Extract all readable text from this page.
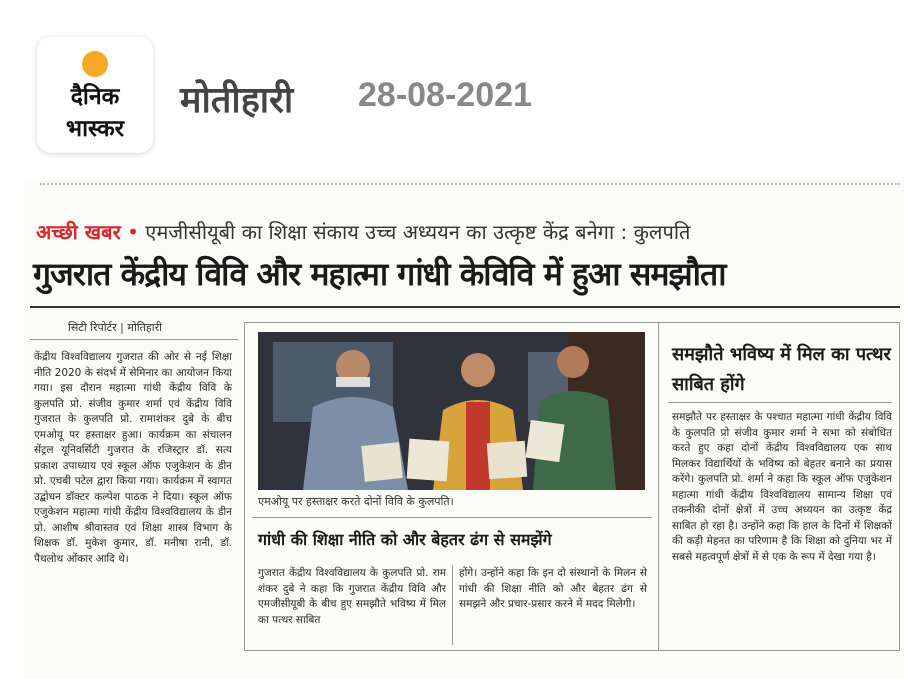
दैनिक
भास्कर
मोतीहारी 28-08-2021
अच्छी खबर • एमजीसीयूबी का शिक्षा संकाय उच्च अध्ययन का उत्कृष्ट केंद्र बनेगा : कुलपति
गुजरात केंद्रीय विवि और महात्मा गांधी केविवि में हुआ समझौता
सिटी रिपोर्टर | मोतिहारी
केंद्रीय विश्वविद्यालय गुजरात की ओर से नई शिक्षा नीति 2020 के संदर्भ में सेमिनार का आयोजन किया गया। इस दौरान महात्मा गांधी केंद्रीय विवि के कुलपति प्रो. संजीव कुमार शर्मा एवं केंद्रीय विवि गुजरात के कुलपति प्रो. रामाशंकर दुबे के बीच एमओयू पर हस्ताक्षर हुआ। कार्यक्रम का संचालन सेंट्रल यूनिवर्सिटी गुजरात के रजिस्ट्रार डॉ. सत्य प्रकाश उपाध्याय एवं स्कूल ऑफ एजुकेशन के डीन प्रो. एचबी पटेल द्वारा किया गया। कार्यक्रम में स्वागत उद्बोधन डॉक्टर कल्पेश पाठक ने दिया। स्कूल ऑफ एजुकेशन महात्मा गांधी केंद्रीय विश्वविद्यालय के डीन प्रो. आशीष श्रीवास्तव एवं शिक्षा शास्त्र विभाग के शिक्षक डॉ. मुकेश कुमार, डॉ. मनीषा रानी, डॉ. पैथलोथ ओंकार आदि थे।
एमओयू पर हस्ताक्षर करते दोनों विवि के कुलपति।
गांधी की शिक्षा नीति को और बेहतर ढंग से समझेंगे
गुजरात केंद्रीय विश्वविद्यालय के कुलपति प्रो. राम शंकर दुबे ने कहा कि गुजरात केंद्रीय विवि और एमजीसीयूबी के बीच हुए समझौते भविष्य में मिल का पत्थर साबित
होंगे। उन्होंने कहा कि इन दो संस्थानों के मिलन से गांधी की शिक्षा नीति को और बेहतर ढंग से समझने और प्रचार-प्रसार करने में मदद मिलेगी।
समझौते भविष्य में मिल का पत्थर साबित होंगे
समझौते पर हस्ताक्षर के पश्चात महात्मा गांधी केंद्रीय विवि के कुलपति प्रो संजीव कुमार शर्मा ने सभा को संबोधित करते हुए कहा दोनों केंद्रीय विश्वविद्यालय एक साथ मिलकर विद्यार्थियों के भविष्य को बेहतर बनाने का प्रयास करेंगे। कुलपति प्रो. शर्मा ने कहा कि स्कूल ऑफ एजुकेशन महात्मा गांधी केंद्रीय विश्वविद्यालय सामान्य शिक्षा एवं तकनीकी दोनों क्षेत्रों में उच्च अध्ययन का उत्कृष्ट केंद्र साबित हो रहा है। उन्होंने कहा कि हाल के दिनों में शिक्षकों की कड़ी मेहनत का परिणाम है कि शिक्षा को दुनिया भर में सबसे महत्वपूर्ण क्षेत्रों में से एक के रूप में देखा गया है।
